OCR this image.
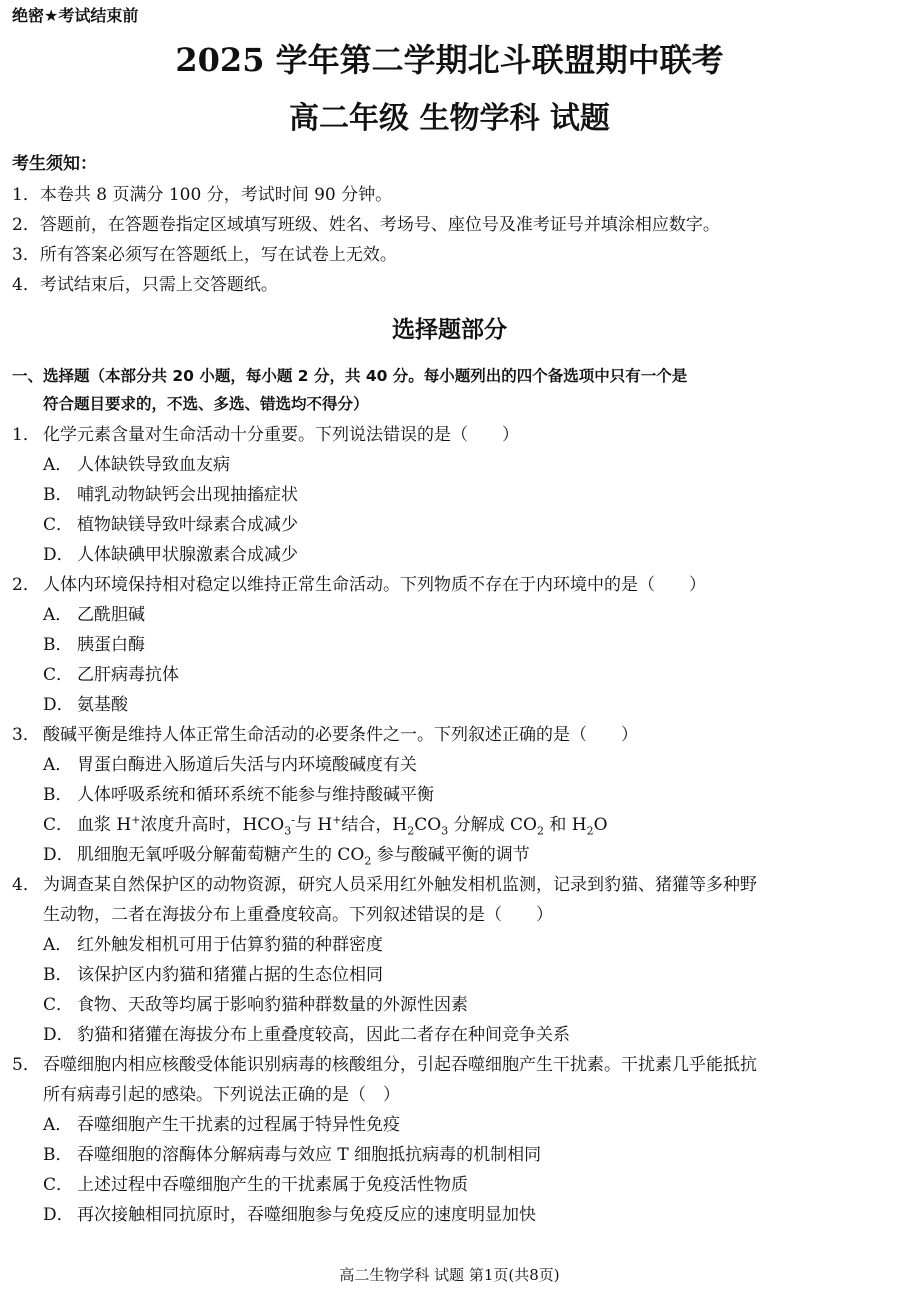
绝密★考试结束前
2025 学年第二学期北斗联盟期中联考
高二年级 生物学科 试题
考生须知：
1．本卷共 8 页满分 100 分，考试时间 90 分钟。
2．答题前，在答题卷指定区域填写班级、姓名、考场号、座位号及准考证号并填涂相应数字。
3．所有答案必须写在答题纸上，写在试卷上无效。
4．考试结束后，只需上交答题纸。
选择题部分
一、选择题（本部分共 20 小题，每小题 2 分，共 40 分。每小题列出的四个备选项中只有一个是
符合题目要求的，不选、多选、错选均不得分）
1． 化学元素含量对生命活动十分重要。下列说法错误的是（　　）
A． 人体缺铁导致血友病
B． 哺乳动物缺钙会出现抽搐症状
C． 植物缺镁导致叶绿素合成减少
D． 人体缺碘甲状腺激素合成减少
2． 人体内环境保持相对稳定以维持正常生命活动。下列物质不存在于内环境中的是（　　）
A． 乙酰胆碱
B． 胰蛋白酶
C． 乙肝病毒抗体
D． 氨基酸
3． 酸碱平衡是维持人体正常生命活动的必要条件之一。下列叙述正确的是（　　）
A． 胃蛋白酶进入肠道后失活与内环境酸碱度有关
B． 人体呼吸系统和循环系统不能参与维持酸碱平衡
C． 血浆 H+浓度升高时，$HCO_3^-$与 H+结合，$H_2CO_3$ 分解成 $CO_2$ 和 $H_2O$
D． 肌细胞无氧呼吸分解葡萄糖产生的 $CO_2$ 参与酸碱平衡的调节
4． 为调查某自然保护区的动物资源，研究人员采用红外触发相机监测，记录到豹猫、猪獾等多种野
生动物，二者在海拔分布上重叠度较高。下列叙述错误的是（　　）
A． 红外触发相机可用于估算豹猫的种群密度
B． 该保护区内豹猫和猪獾占据的生态位相同
C． 食物、天敌等均属于影响豹猫种群数量的外源性因素
D． 豹猫和猪獾在海拔分布上重叠度较高，因此二者存在种间竞争关系
5． 吞噬细胞内相应核酸受体能识别病毒的核酸组分，引起吞噬细胞产生干扰素。干扰素几乎能抵抗
所有病毒引起的感染。下列说法正确的是（　）
A． 吞噬细胞产生干扰素的过程属于特异性免疫
B． 吞噬细胞的溶酶体分解病毒与效应 T 细胞抵抗病毒的机制相同
C． 上述过程中吞噬细胞产生的干扰素属于免疫活性物质
D． 再次接触相同抗原时，吞噬细胞参与免疫反应的速度明显加快
高二生物学科 试题 第1页(共8页)
